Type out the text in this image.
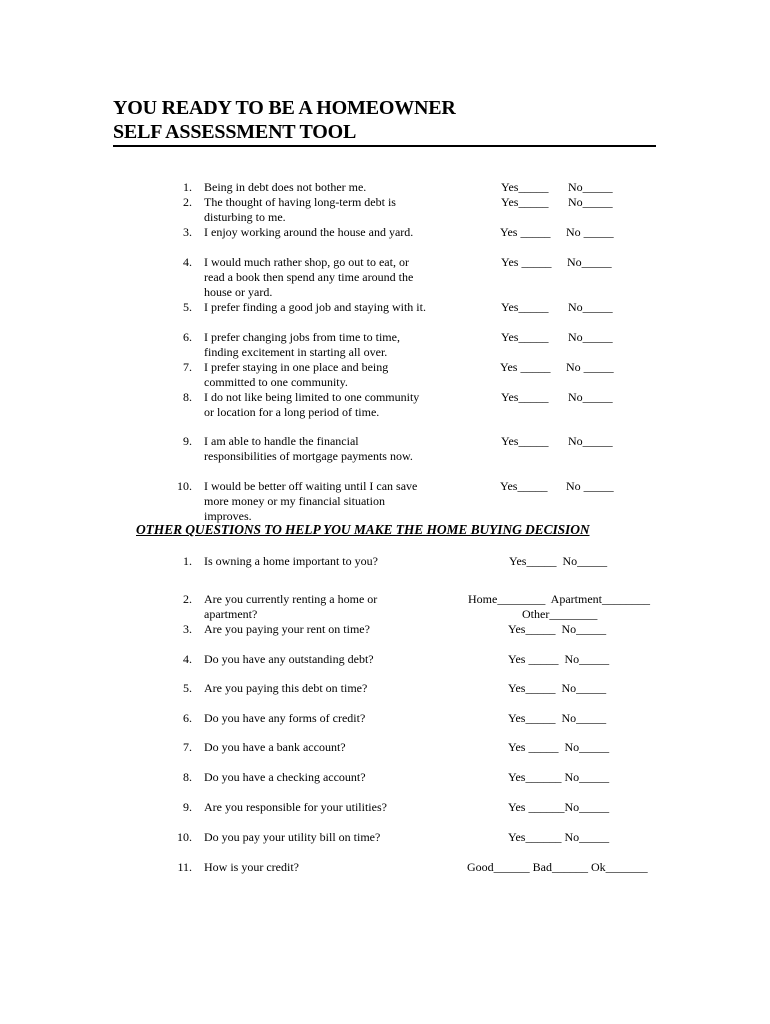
YOU READY TO BE A HOMEOWNER
SELF ASSESSMENT TOOL
1. Being in debt does not bother me.	Yes_____ No_____
2. The thought of having long-term debt is disturbing to me.
Yes_____ No_____
3. I enjoy working around the house and yard.	Yes _____ No _____
4. I would much rather shop, go out to eat, or read a book then spend any time around the house or yard.
Yes _____ No_____
5. I prefer finding a good job and staying with it.	Yes_____ No_____
6. I prefer changing jobs from time to time, finding excitement in starting all over.
Yes_____ No_____
7. I prefer staying in one place and being committed to one community.
Yes _____ No _____
8. I do not like being limited to one community or location for a long period of time.
Yes_____ No_____
9. I am able to handle the financial responsibilities of mortgage payments now.
Yes_____ No_____
10. I would be better off waiting until I can save more money or my financial situation improves.
Yes_____ No _____
OTHER QUESTIONS TO HELP YOU MAKE THE HOME BUYING DECISION
1. Is owning a home important to you?	Yes_____  No_____
2. Are you currently renting a home or apartment?
Home________  Apartment________
Other________
3. Are you paying your rent on time?	Yes_____  No_____
4. Do you have any outstanding debt?	Yes _____  No_____
5. Are you paying this debt on time?	Yes_____  No_____
6. Do you have any forms of credit?	Yes_____  No_____
7. Do you have a bank account?	Yes _____  No_____
8. Do you have a checking account?	Yes______ No_____
9. Are you responsible for your utilities?	Yes ______No_____
10. Do you pay your utility bill on time?	Yes______ No_____
11. How is your credit?	Good______ Bad______ Ok_______
